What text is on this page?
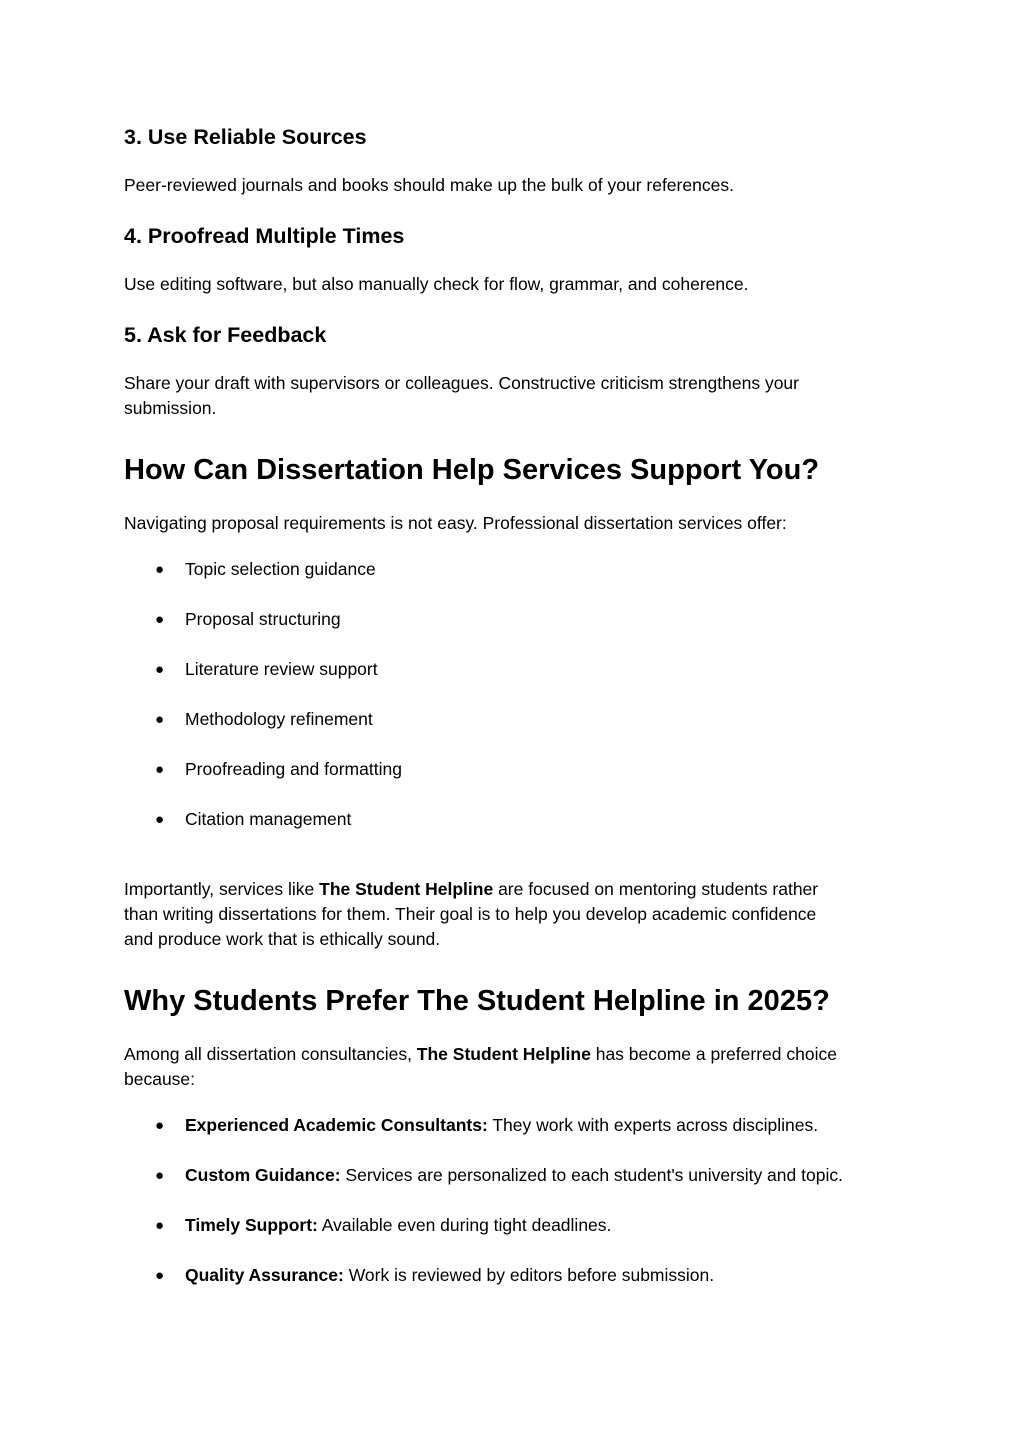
3. Use Reliable Sources

Peer-reviewed journals and books should make up the bulk of your references.

4. Proofread Multiple Times

Use editing software, but also manually check for flow, grammar, and coherence.

5. Ask for Feedback

Share your draft with supervisors or colleagues. Constructive criticism strengthens your
submission.

How Can Dissertation Help Services Support You?

Navigating proposal requirements is not easy. Professional dissertation services offer:

● Topic selection guidance
● Proposal structuring
● Literature review support
● Methodology refinement
● Proofreading and formatting
● Citation management

Importantly, services like The Student Helpline are focused on mentoring students rather
than writing dissertations for them. Their goal is to help you develop academic confidence
and produce work that is ethically sound.

Why Students Prefer The Student Helpline in 2025?

Among all dissertation consultancies, The Student Helpline has become a preferred choice
because:

● Experienced Academic Consultants: They work with experts across disciplines.
● Custom Guidance: Services are personalized to each student's university and topic.
● Timely Support: Available even during tight deadlines.
● Quality Assurance: Work is reviewed by editors before submission.
